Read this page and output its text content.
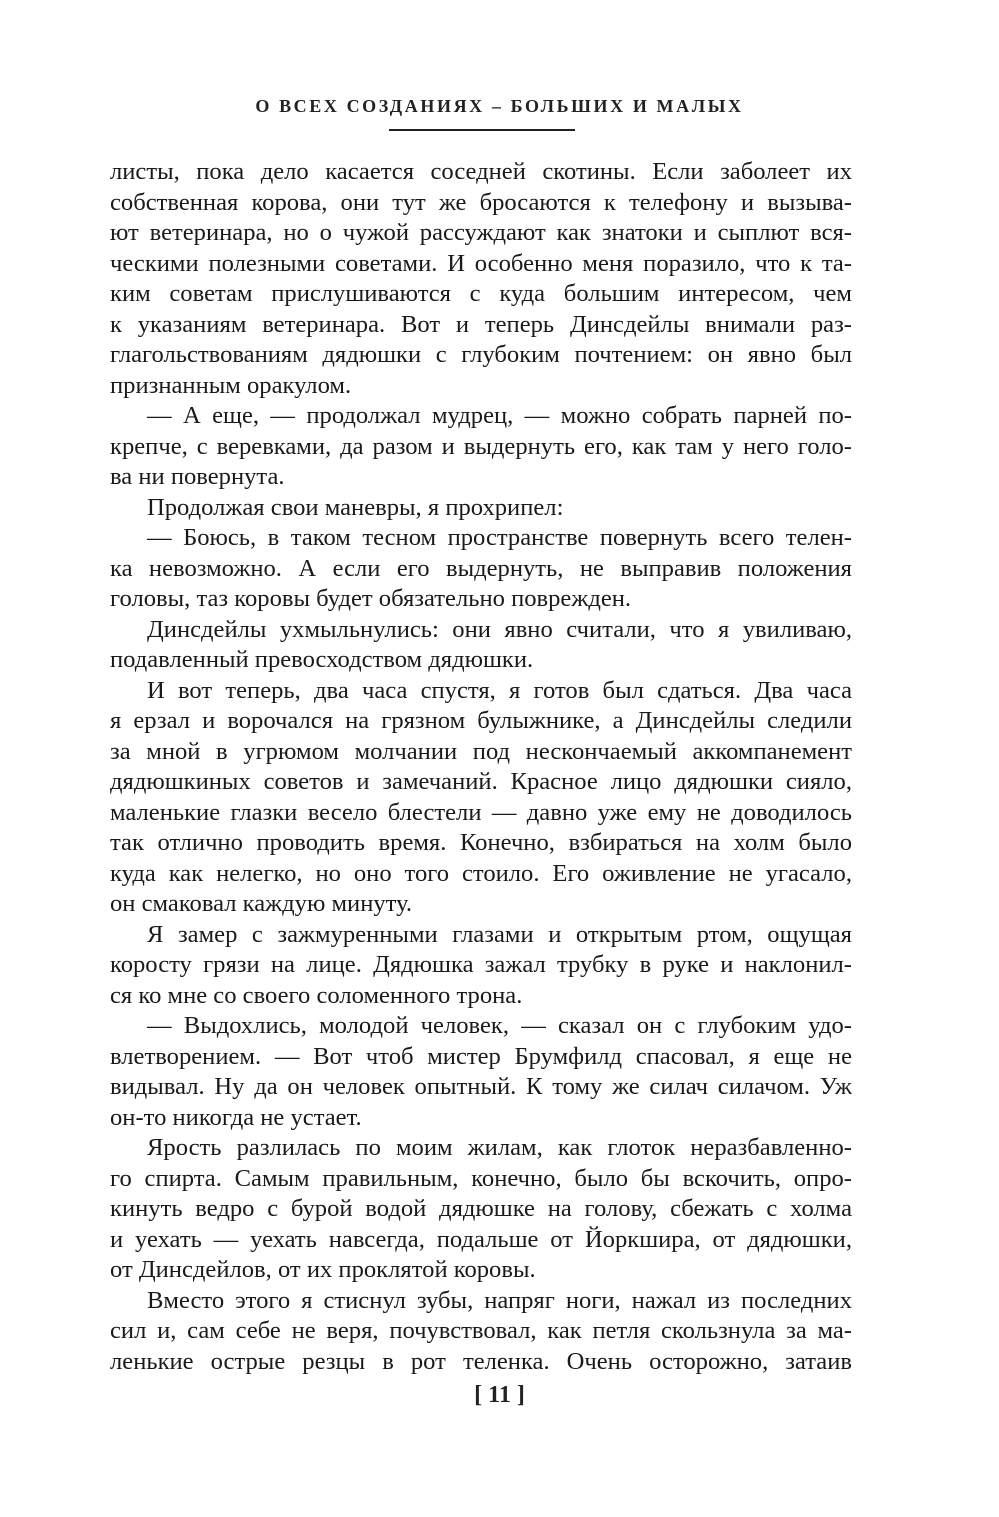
О ВСЕХ СОЗДАНИЯХ – БОЛЬШИХ И МАЛЫХ
листы, пока дело касается соседней скотины. Если заболеет их
собственная корова, они тут же бросаются к телефону и вызыва-
ют ветеринара, но о чужой рассуждают как знатоки и сыплют вся-
ческими полезными советами. И особенно меня поразило, что к та-
ким советам прислушиваются с куда большим интересом, чем
к указаниям ветеринара. Вот и теперь Динсдейлы внимали раз-
глагольствованиям дядюшки с глубоким почтением: он явно был
признанным оракулом.
— А еще, — продолжал мудрец, — можно собрать парней по-
крепче, с веревками, да разом и выдернуть его, как там у него голо-
ва ни повернута.
Продолжая свои маневры, я прохрипел:
— Боюсь, в таком тесном пространстве повернуть всего телен-
ка невозможно. А если его выдернуть, не выправив положения
головы, таз коровы будет обязательно поврежден.
Динсдейлы ухмыльнулись: они явно считали, что я увиливаю,
подавленный превосходством дядюшки.
И вот теперь, два часа спустя, я готов был сдаться. Два часа
я ерзал и ворочался на грязном булыжнике, а Динсдейлы следили
за мной в угрюмом молчании под нескончаемый аккомпанемент
дядюшкиных советов и замечаний. Красное лицо дядюшки сияло,
маленькие глазки весело блестели — давно уже ему не доводилось
так отлично проводить время. Конечно, взбираться на холм было
куда как нелегко, но оно того стоило. Его оживление не угасало,
он смаковал каждую минуту.
Я замер с зажмуренными глазами и открытым ртом, ощущая
коросту грязи на лице. Дядюшка зажал трубку в руке и наклонил-
ся ко мне со своего соломенного трона.
— Выдохлись, молодой человек, — сказал он с глубоким удо-
влетворением. — Вот чтоб мистер Брумфилд спасовал, я еще не
видывал. Ну да он человек опытный. К тому же силач силачом. Уж
он-то никогда не устает.
Ярость разлилась по моим жилам, как глоток неразбавленно-
го спирта. Самым правильным, конечно, было бы вскочить, опро-
кинуть ведро с бурой водой дядюшке на голову, сбежать с холма
и уехать — уехать навсегда, подальше от Йоркшира, от дядюшки,
от Динсдейлов, от их проклятой коровы.
Вместо этого я стиснул зубы, напряг ноги, нажал из последних
сил и, сам себе не веря, почувствовал, как петля скользнула за ма-
ленькие острые резцы в рот теленка. Очень осторожно, затаив
[ 11 ]
